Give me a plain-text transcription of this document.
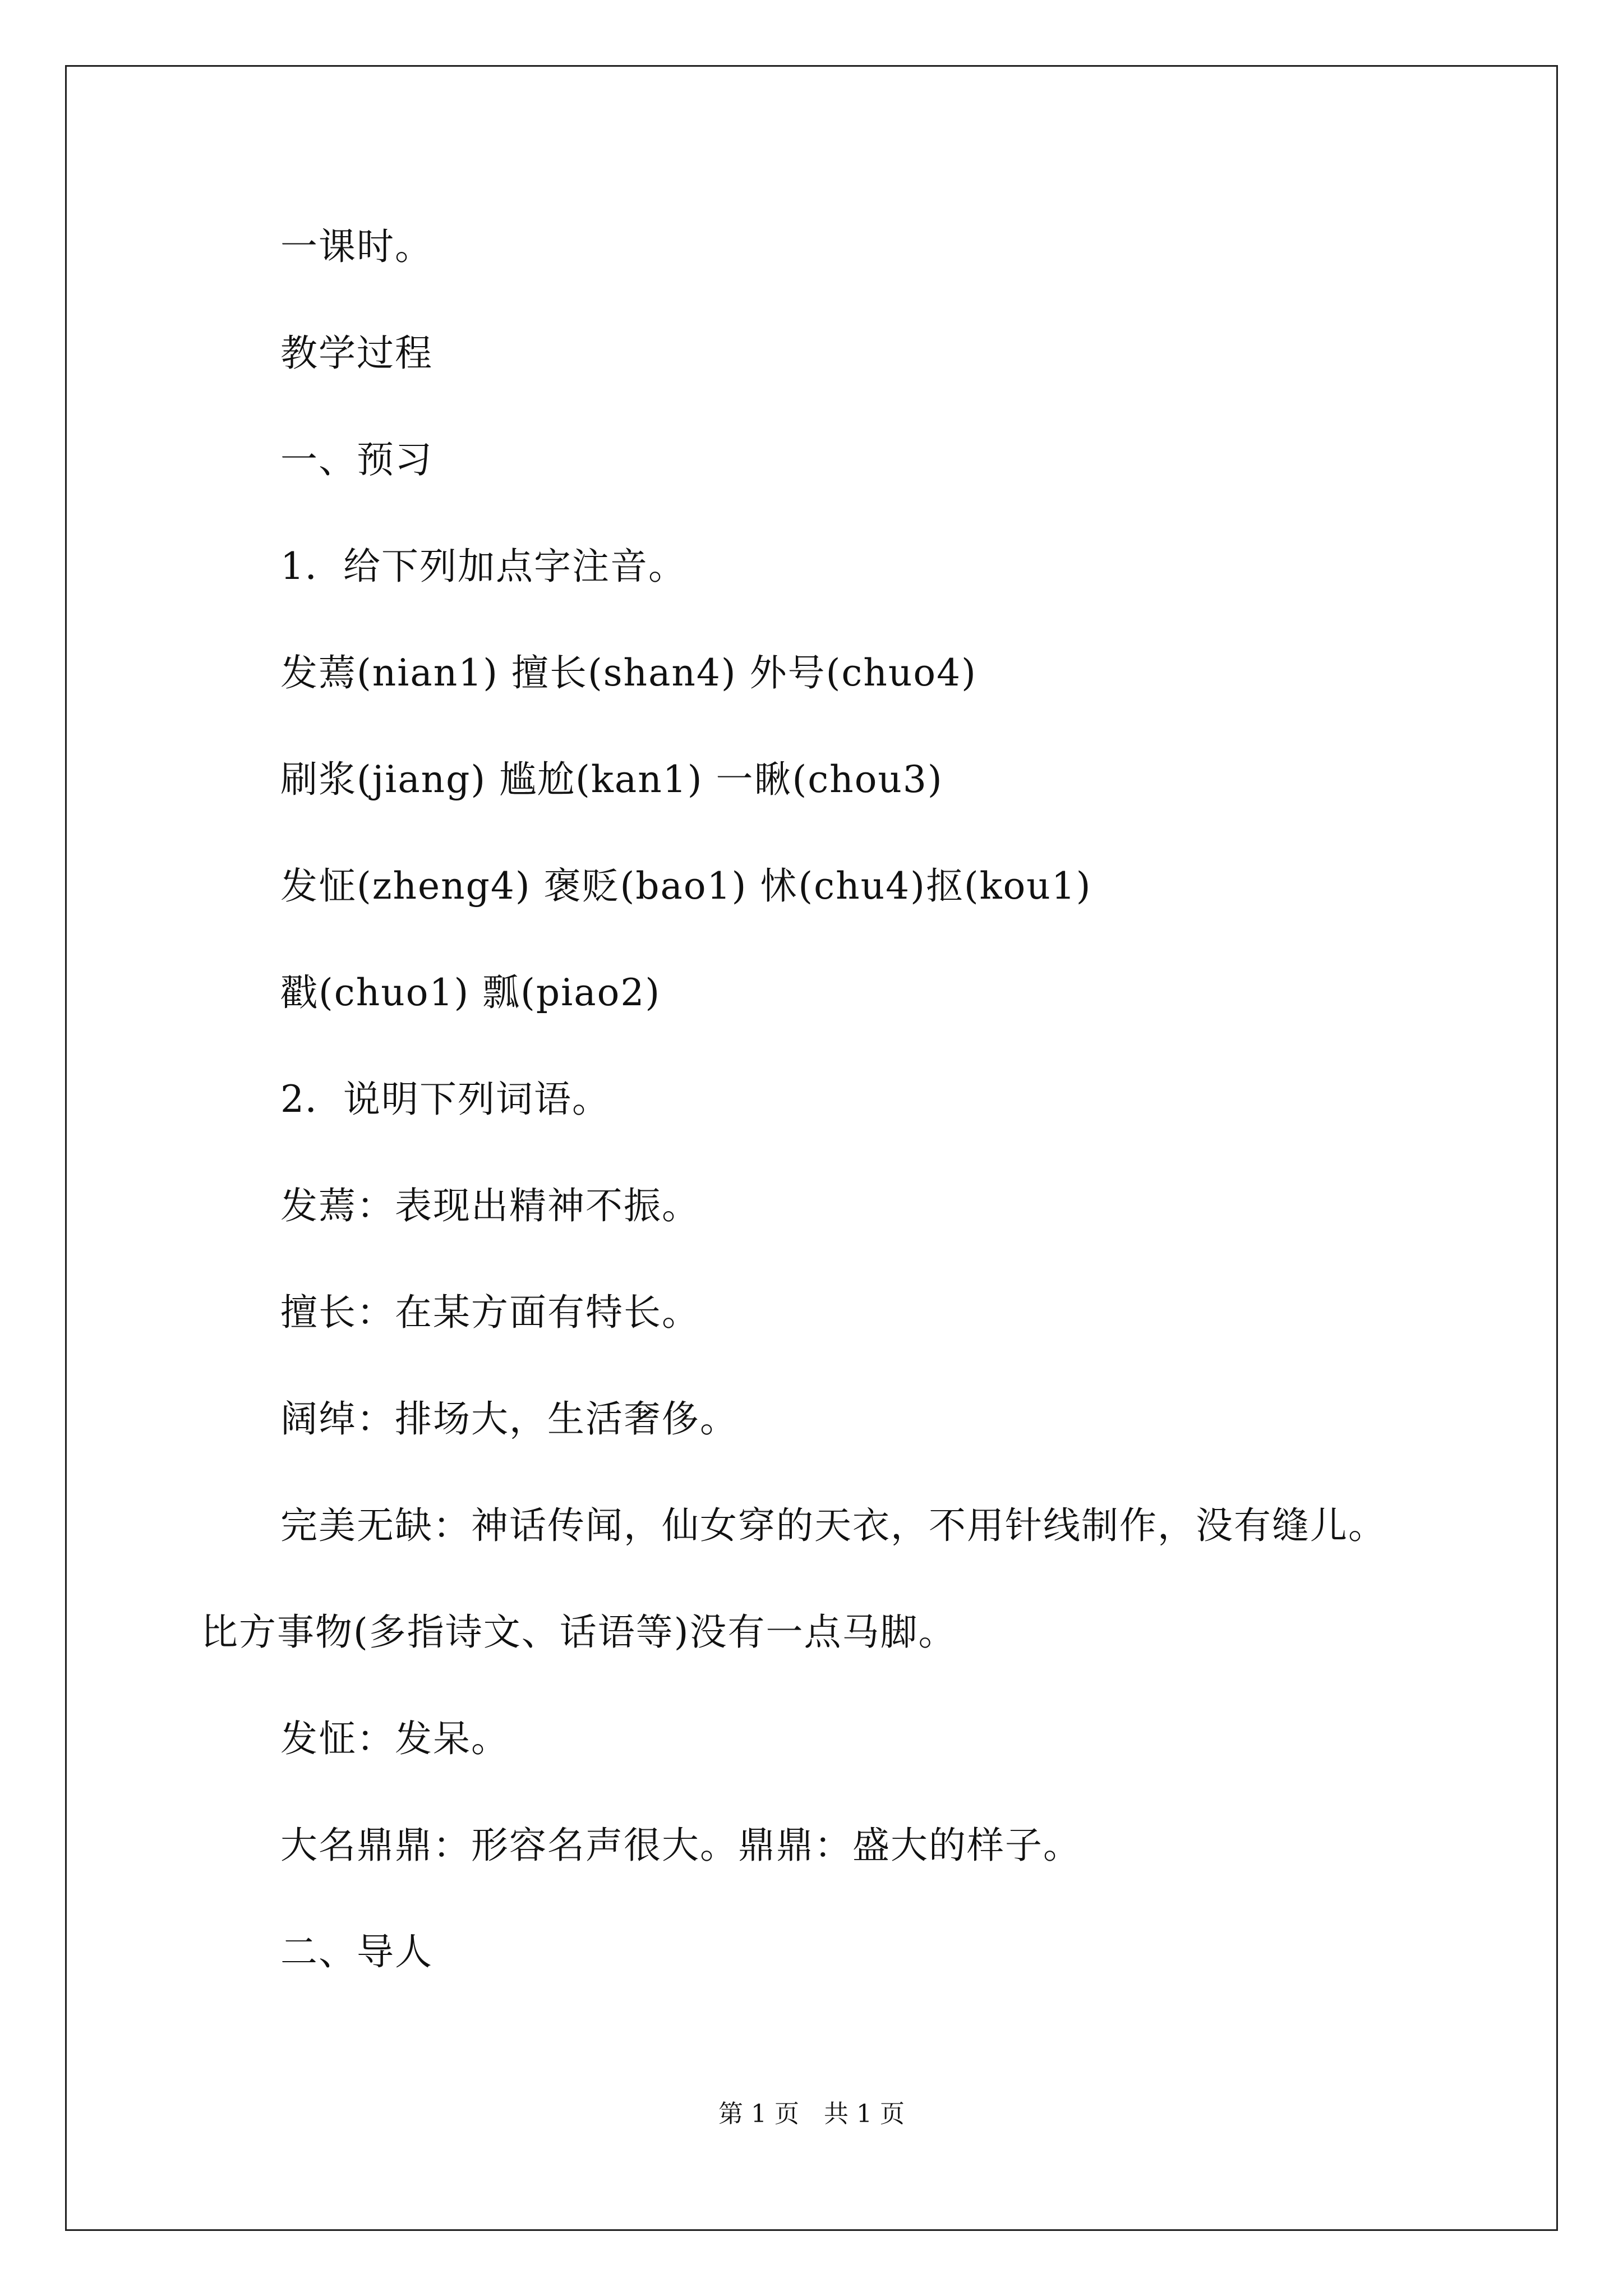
一课时。
教学过程
一、预习
1．给下列加点字注音。
发蔫(nian1) 擅长(shan4) 外号(chuo4)
刷浆(jiang) 尴尬(kan1) 一瞅(chou3)
发怔(zheng4) 褒贬(bao1) 怵(chu4)抠(kou1)
戳(chuo1) 瓢(piao2)
2．说明下列词语。
发蔫：表现出精神不振。
擅长：在某方面有特长。
阔绰：排场大，生活奢侈。
完美无缺：神话传闻，仙女穿的天衣，不用针线制作，没有缝儿。
比方事物(多指诗文、话语等)没有一点马脚。
发怔：发呆。
大名鼎鼎：形容名声很大。鼎鼎：盛大的样子。
二、导人
第 1 页　共 1 页
